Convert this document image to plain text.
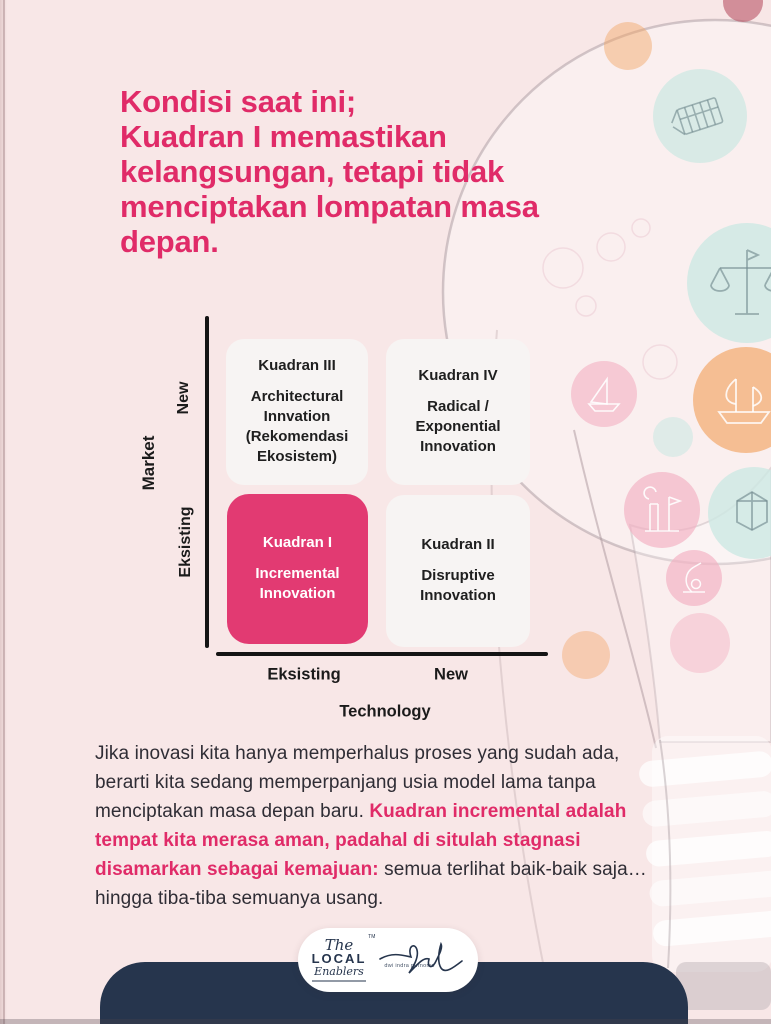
Kondisi saat ini;
Kuadran I memastikan
kelangsungan, tetapi tidak
menciptakan lompatan masa
depan.
Market
New
Eksisting
Kuadran III
Architectural Innvation (Rekomendasi Ekosistem)
Kuadran IV
Radical / Exponential Innovation
Kuadran I
Incremental Innovation
Kuadran II
Disruptive Innovation
Eksisting	New
Technology
Jika inovasi kita hanya memperhalus proses yang sudah ada,
berarti kita sedang memperpanjang usia model lama tanpa
menciptakan masa depan baru. Kuadran incremental adalah
tempat kita merasa aman, padahal di situlah stagnasi
disamarkan sebagai kemajuan: semua terlihat baik-baik saja…
hingga tiba-tiba semuanya usang.
TM
The
LOCAL
Enablers	dwi indra purnomo
